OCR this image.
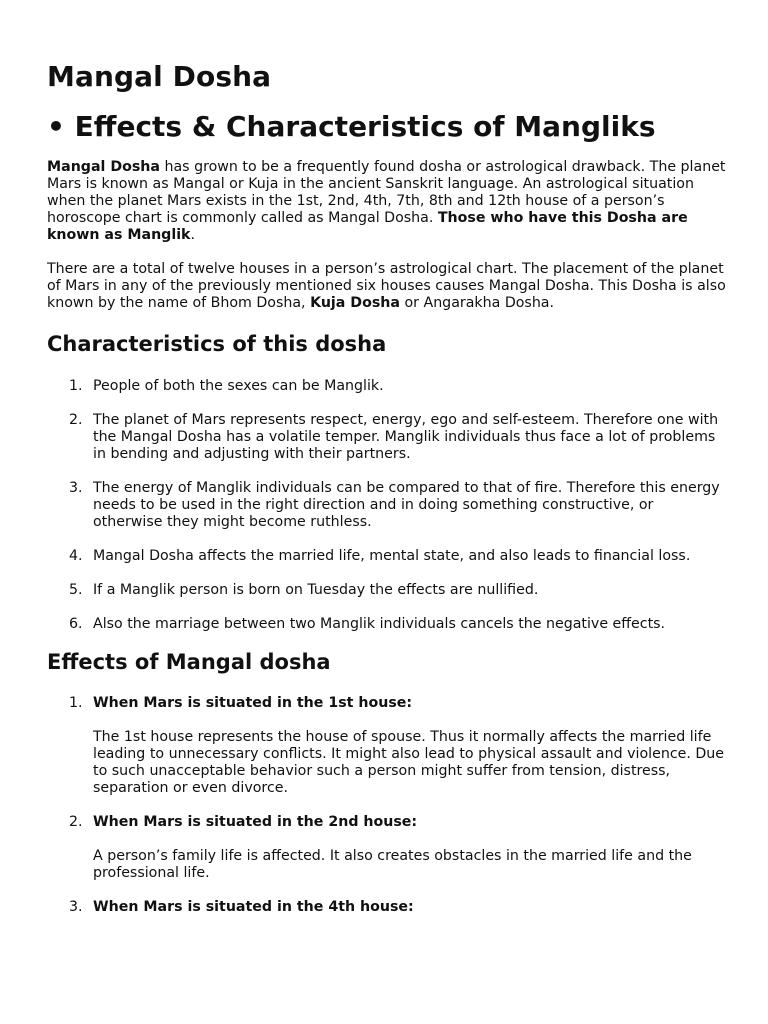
Mangal Dosha
• Effects & Characteristics of Mangliks

Mangal Dosha has grown to be a frequently found dosha or astrological drawback. The planet Mars is known as Mangal or Kuja in the ancient Sanskrit language. An astrological situation when the planet Mars exists in the 1st, 2nd, 4th, 7th, 8th and 12th house of a person’s horoscope chart is commonly called as Mangal Dosha. Those who have this Dosha are known as Manglik.

There are a total of twelve houses in a person’s astrological chart. The placement of the planet of Mars in any of the previously mentioned six houses causes Mangal Dosha. This Dosha is also known by the name of Bhom Dosha, Kuja Dosha or Angarakha Dosha.

Characteristics of this dosha
1. People of both the sexes can be Manglik.
2. The planet of Mars represents respect, energy, ego and self-esteem. Therefore one with the Mangal Dosha has a volatile temper. Manglik individuals thus face a lot of problems in bending and adjusting with their partners.
3. The energy of Manglik individuals can be compared to that of fire. Therefore this energy needs to be used in the right direction and in doing something constructive, or otherwise they might become ruthless.
4. Mangal Dosha affects the married life, mental state, and also leads to financial loss.
5. If a Manglik person is born on Tuesday the effects are nullified.
6. Also the marriage between two Manglik individuals cancels the negative effects.
Effects of Mangal dosha
1. When Mars is situated in the 1st house:
The 1st house represents the house of spouse. Thus it normally affects the married life leading to unnecessary conflicts. It might also lead to physical assault and violence. Due to such unacceptable behavior such a person might suffer from tension, distress, separation or even divorce.
2. When Mars is situated in the 2nd house:
A person’s family life is affected. It also creates obstacles in the married life and the professional life.
3. When Mars is situated in the 4th house:
